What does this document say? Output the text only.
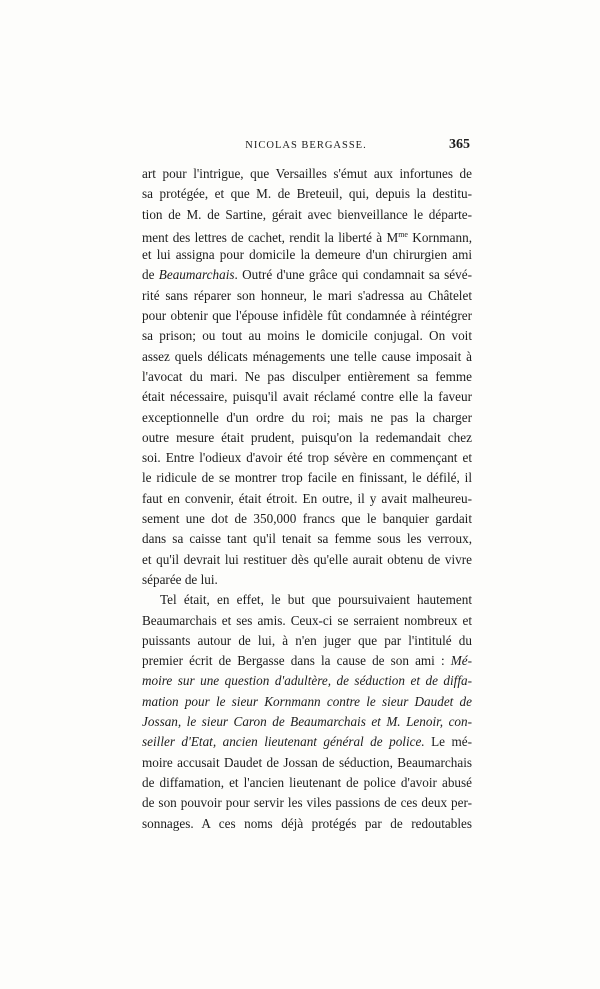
NICOLAS BERGASSE.	365
art pour l'intrigue, que Versailles s'émut aux infortunes de
sa protégée, et que M. de Breteuil, qui, depuis la destitu-
tion de M. de Sartine, gérait avec bienveillance le départe-
ment des lettres de cachet, rendit la liberté à $M^{me}$ Kornmann,
et lui assigna pour domicile la demeure d'un chirurgien ami
de Beaumarchais. Outré d'une grâce qui condamnait sa sévé-
rité sans réparer son honneur, le mari s'adressa au Châtelet
pour obtenir que l'épouse infidèle fût condamnée à réintégrer
sa prison; ou tout au moins le domicile conjugal. On voit
assez quels délicats ménagements une telle cause imposait à
l'avocat du mari. Ne pas disculper entièrement sa femme
était nécessaire, puisqu'il avait réclamé contre elle la faveur
exceptionnelle d'un ordre du roi; mais ne pas la charger
outre mesure était prudent, puisqu'on la redemandait chez
soi. Entre l'odieux d'avoir été trop sévère en commençant et
le ridicule de se montrer trop facile en finissant, le défilé, il
faut en convenir, était étroit. En outre, il y avait malheureu-
sement une dot de 350,000 francs que le banquier gardait
dans sa caisse tant qu'il tenait sa femme sous les verroux,
et qu'il devrait lui restituer dès qu'elle aurait obtenu de vivre
séparée de lui.
Tel était, en effet, le but que poursuivaient hautement
Beaumarchais et ses amis. Ceux-ci se serraient nombreux et
puissants autour de lui, à n'en juger que par l'intitulé du
premier écrit de Bergasse dans la cause de son ami : Mé-
moire sur une question d'adultère, de séduction et de diffa-
mation pour le sieur Kornmann contre le sieur Daudet de
Jossan, le sieur Caron de Beaumarchais et M. Lenoir, con-
seiller d'Etat, ancien lieutenant général de police. Le mé-
moire accusait Daudet de Jossan de séduction, Beaumarchais
de diffamation, et l'ancien lieutenant de police d'avoir abusé
de son pouvoir pour servir les viles passions de ces deux per-
sonnages. A ces noms déjà protégés par de redoutables
